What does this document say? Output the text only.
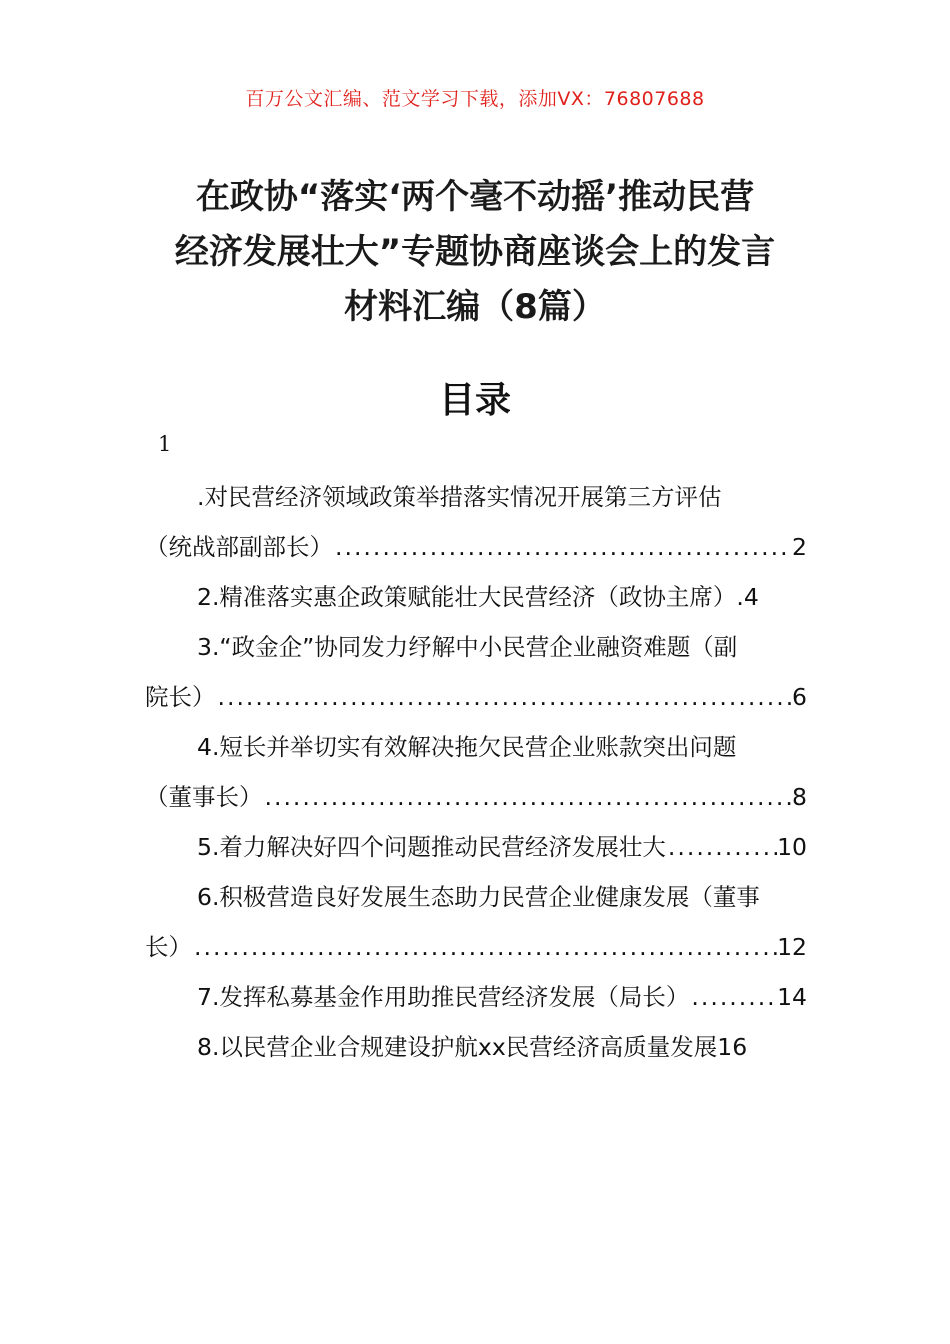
百万公文汇编、范文学习下载，添加VX：76807688
在政协“落实‘两个毫不动摇’推动民营
经济发展壮大”专题协商座谈会上的发言
材料汇编（8篇）
目录
1
.对民营经济领域政策举措落实情况开展第三方评估
（统战部副部长） .....	2
2.精准落实惠企政策赋能壮大民营经济（政协主席）. 4
3.“政金企”协同发力纾解中小民营企业融资难题（副
院长） .....	6
4.短长并举切实有效解决拖欠民营企业账款突出问题
（董事长） .....	8
5.着力解决好四个问题推动民营经济发展壮大 .....	10
6.积极营造良好发展生态助力民营企业健康发展（董事
长） .....	12
7.发挥私募基金作用助推民营经济发展（局长） .....	14
8.以民营企业合规建设护航xx民营经济高质量发展 16
